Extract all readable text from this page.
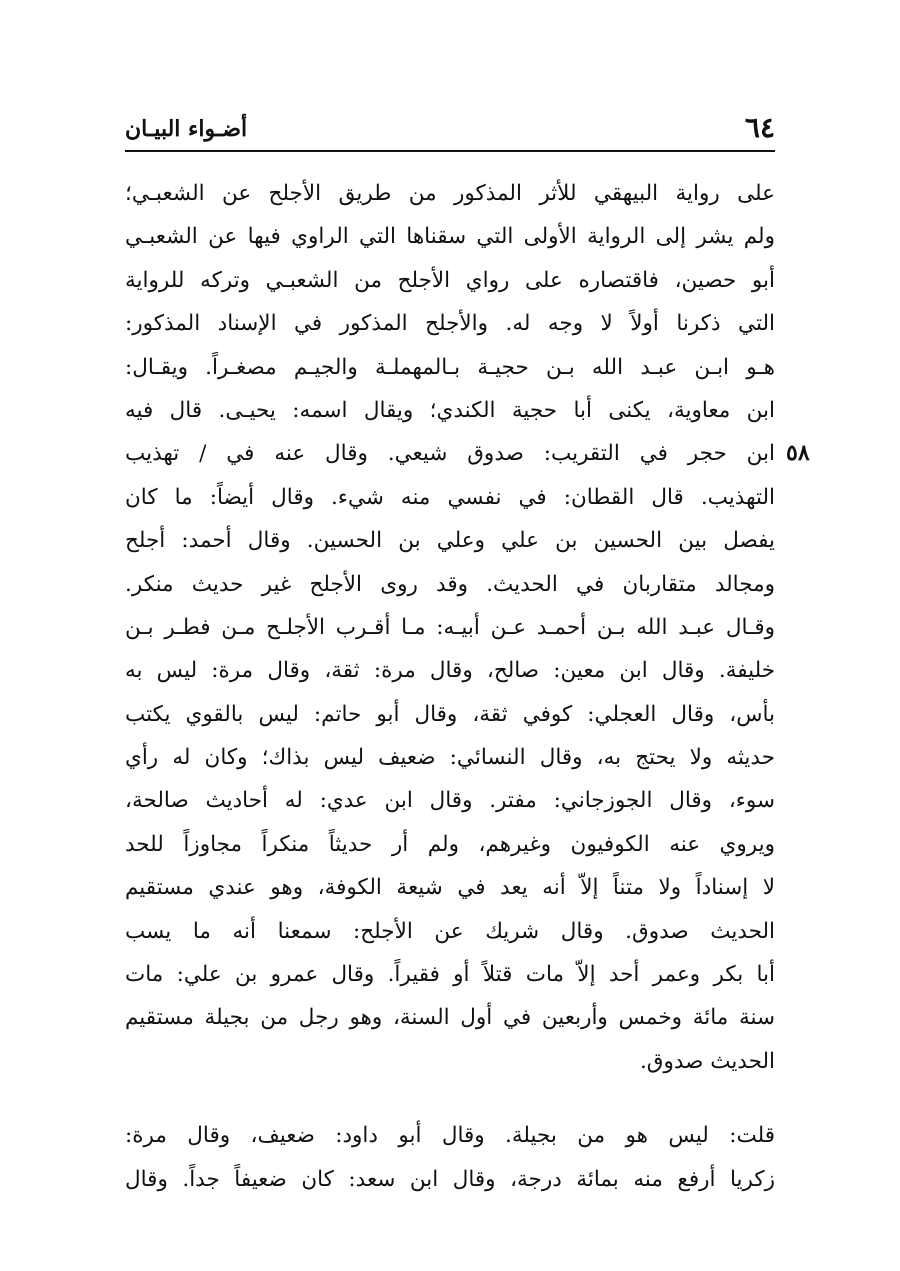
٦٤
أضـواء البيـان
٥٨
على رواية البيهقي للأثر المذكور من طريق الأجلح عن الشعبـي؛
ولم يشر إلى الرواية الأولى التي سقناها التي الراوي فيها عن الشعبـي
أبو حصين، فاقتصاره على رواي الأجلح من الشعبـي وتركه للرواية
التي ذكرنا أولاً لا وجه له. والأجلح المذكور في الإسناد المذكور:
هـو ابـن عبـد الله بـن حجيـة بـالمهملـة والجيـم مصغـراً. ويقـال:
ابن معاوية، يكنى أبا حجية الكندي؛ ويقال اسمه: يحيـى. قال فيه
ابن حجر في التقريب: صدوق شيعي. وقال عنه في / تهذيب
التهذيب. قال القطان: في نفسي منه شيء. وقال أيضاً: ما كان
يفصل بين الحسين بن علي وعلي بن الحسين. وقال أحمد: أجلح
ومجالد متقاربان في الحديث. وقد روى الأجلح غير حديث منكر.
وقـال عبـد الله بـن أحمـد عـن أبيـه: مـا أقـرب الأجلـح مـن فطـر بـن
خليفة. وقال ابن معين: صالح، وقال مرة: ثقة، وقال مرة: ليس به
بأس، وقال العجلي: كوفي ثقة، وقال أبو حاتم: ليس بالقوي يكتب
حديثه ولا يحتج به، وقال النسائي: ضعيف ليس بذاك؛ وكان له رأي
سوء، وقال الجوزجاني: مفتر. وقال ابن عدي: له أحاديث صالحة،
ويروي عنه الكوفيون وغيرهم، ولم أر حديثاً منكراً مجاوزاً للحد
لا إسناداً ولا متناً إلاّ أنه يعد في شيعة الكوفة، وهو عندي مستقيم
الحديث صدوق. وقال شريك عن الأجلح: سمعنا أنه ما يسب
أبا بكر وعمر أحد إلاّ مات قتلاً أو فقيراً. وقال عمرو بن علي: مات
سنة مائة وخمس وأربعين في أول السنة، وهو رجل من بجيلة مستقيم
الحديث صدوق.
قلت: ليس هو من بجيلة. وقال أبو داود: ضعيف، وقال مرة:
زكريا أرفع منه بمائة درجة، وقال ابن سعد: كان ضعيفاً جداً. وقال
